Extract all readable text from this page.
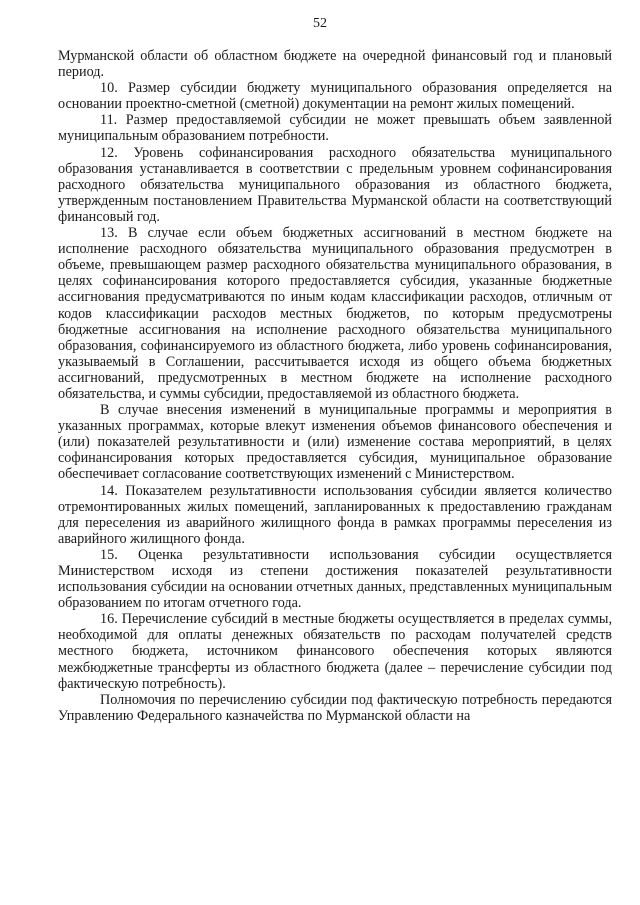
52

Мурманской области об областном бюджете на очередной финансовый год и плановый период.

10. Размер субсидии бюджету муниципального образования определяется на основании проектно-сметной (сметной) документации на ремонт жилых помещений.

11. Размер предоставляемой субсидии не может превышать объем заявленной муниципальным образованием потребности.

12. Уровень софинансирования расходного обязательства муниципального образования устанавливается в соответствии с предельным уровнем софинансирования расходного обязательства муниципального образования из областного бюджета, утвержденным постановлением Правительства Мурманской области на соответствующий финансовый год.

13. В случае если объем бюджетных ассигнований в местном бюджете на исполнение расходного обязательства муниципального образования предусмотрен в объеме, превышающем размер расходного обязательства муниципального образования, в целях софинансирования которого предоставляется субсидия, указанные бюджетные ассигнования предусматриваются по иным кодам классификации расходов, отличным от кодов классификации расходов местных бюджетов, по которым предусмотрены бюджетные ассигнования на исполнение расходного обязательства муниципального образования, софинансируемого из областного бюджета, либо уровень софинансирования, указываемый в Соглашении, рассчитывается исходя из общего объема бюджетных ассигнований, предусмотренных в местном бюджете на исполнение расходного обязательства, и суммы субсидии, предоставляемой из областного бюджета.

В случае внесения изменений в муниципальные программы и мероприятия в указанных программах, которые влекут изменения объемов финансового обеспечения и (или) показателей результативности и (или) изменение состава мероприятий, в целях софинансирования которых предоставляется субсидия, муниципальное образование обеспечивает согласование соответствующих изменений с Министерством.

14. Показателем результативности использования субсидии является количество отремонтированных жилых помещений, запланированных к предоставлению гражданам для переселения из аварийного жилищного фонда в рамках программы переселения из аварийного жилищного фонда.

15. Оценка результативности использования субсидии осуществляется Министерством исходя из степени достижения показателей результативности использования субсидии на основании отчетных данных, представленных муниципальным образованием по итогам отчетного года.

16. Перечисление субсидий в местные бюджеты осуществляется в пределах суммы, необходимой для оплаты денежных обязательств по расходам получателей средств местного бюджета, источником финансового обеспечения которых являются межбюджетные трансферты из областного бюджета (далее – перечисление субсидии под фактическую потребность).

Полномочия по перечислению субсидии под фактическую потребность передаются Управлению Федерального казначейства по Мурманской области на
